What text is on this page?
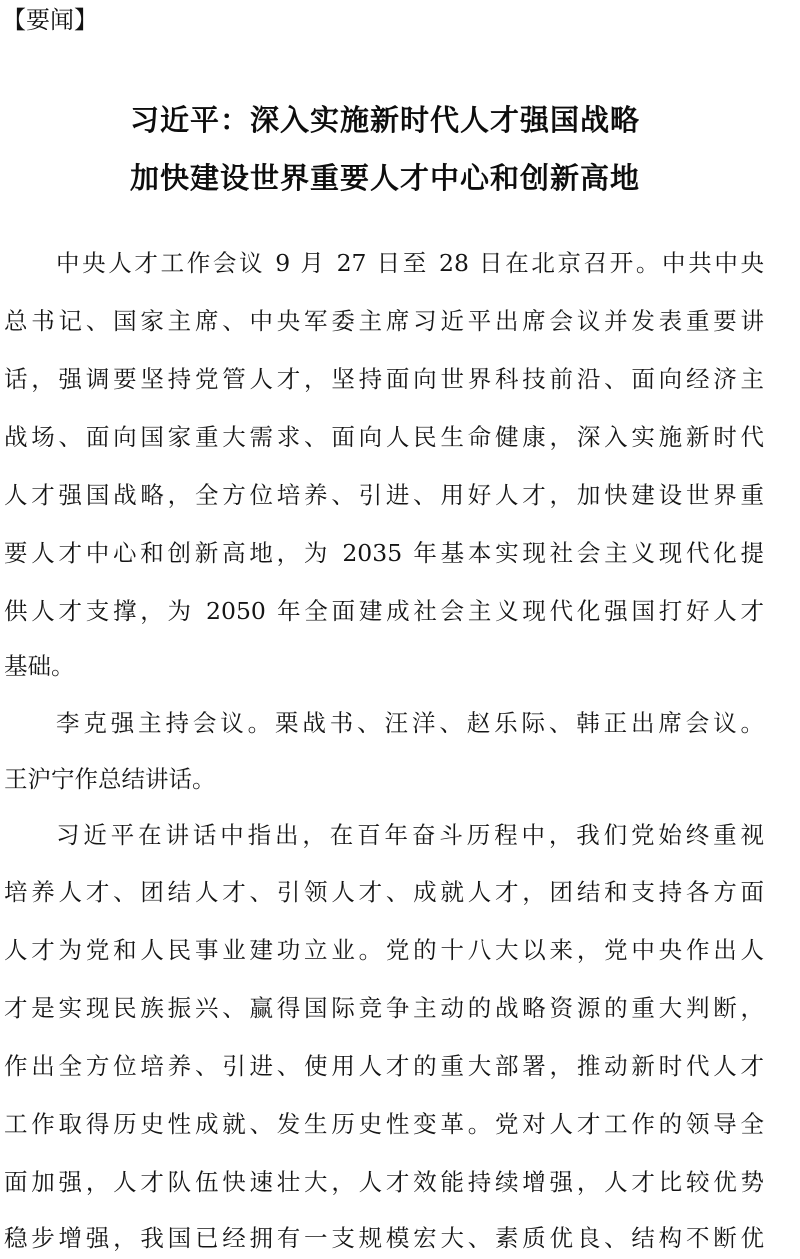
【要闻】
习近平：深入实施新时代人才强国战略
加快建设世界重要人才中心和创新高地
中央人才工作会议 9 月 27 日至 28 日在北京召开。中共中央
总书记、国家主席、中央军委主席习近平出席会议并发表重要讲
话，强调要坚持党管人才，坚持面向世界科技前沿、面向经济主
战场、面向国家重大需求、面向人民生命健康，深入实施新时代
人才强国战略，全方位培养、引进、用好人才，加快建设世界重
要人才中心和创新高地，为 2035 年基本实现社会主义现代化提
供人才支撑，为 2050 年全面建成社会主义现代化强国打好人才
基础。
李克强主持会议。栗战书、汪洋、赵乐际、韩正出席会议。
王沪宁作总结讲话。
习近平在讲话中指出，在百年奋斗历程中，我们党始终重视
培养人才、团结人才、引领人才、成就人才，团结和支持各方面
人才为党和人民事业建功立业。党的十八大以来，党中央作出人
才是实现民族振兴、赢得国际竞争主动的战略资源的重大判断，
作出全方位培养、引进、使用人才的重大部署，推动新时代人才
工作取得历史性成就、发生历史性变革。党对人才工作的领导全
面加强，人才队伍快速壮大，人才效能持续增强，人才比较优势
稳步增强，我国已经拥有一支规模宏大、素质优良、结构不断优
